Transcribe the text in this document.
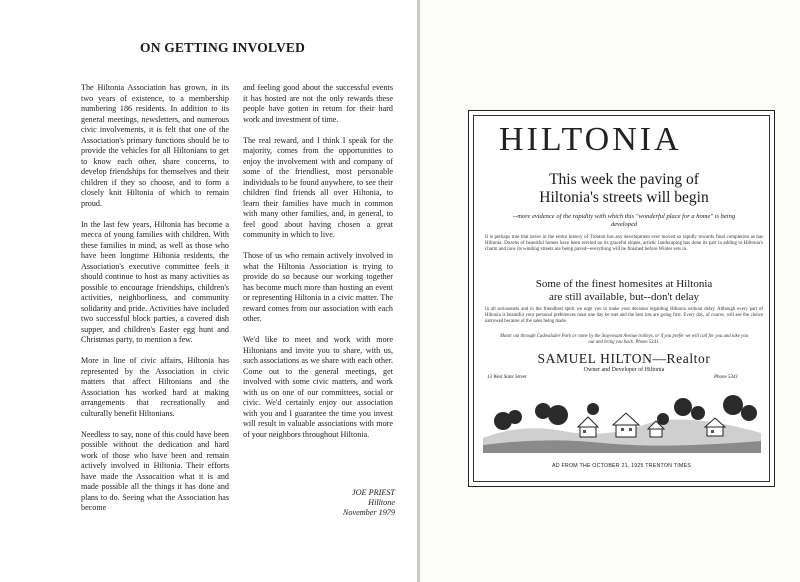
ON GETTING INVOLVED

The Hiltonia Association has grown, in its two years of existence, to a membership numbering 186 residents. In addition to its general meetings, newsletters, and numerous civic involvements, it is felt that one of the Association's primary functions should be to provide the vehicles for all Hiltonians to get to know each other, share concerns, to develop friendships for themselves and their children if they so choose, and to form a closely knit Hiltonia of which to remain proud.

In the last few years, Hiltonia has become a mecca of young families with children. With these families in mind, as well as those who have been longtime Hiltonia residents, the Association's executive committee feels it should continue to host as many activities as possible to encourage friendships, children's activities, neighborliness, and community solidarity and pride. Activities have included two successful block parties, a covered dish supper, and children's Easter egg hunt and Christmas party, to mention a few.

More in line of civic affairs, Hiltonia has represented by the Association in civic matters that affect Hiltonians and the Association has worked hard at making arrangements that recreationally and culturally benefit Hiltonians.

Needless to say, none of this could have been possible without the dedication and hard work of those who have been and remain actively involved in Hiltonia. Their efforts have made the Assocaition what it is and made possible all the things it has done and plans to do. Seeing what the Association has become

and feeling good about the successful events it has hosted are not the only rewards these people have gotten in return for their hard work and investment of time.

The real reward, and I think I speak for the majority, comes from the opportunities to enjoy the involvement with and company of some of the friendliest, most personable individuals to be found anywhere, to see their children find friends all over Hiltonia, to learn their families have much in common with many other families, and, in general, to feel good about having chosen a great community in which to live.

Those of us who remain actively involved in what the Hiltonia Association is trying to provide do so because our working together has become much more than hosting an event or representing Hiltonia in a civic matter. The reward comes from our association with each other.

We'd like to meet and work with more Hiltonians and invite you to share, with us, such associations as we share with each other. Come out to the general meetings, get involved with some civic matters, and work with us on one of our committees, social or civic. We'd certainly enjoy our association with you and I guarantee the time you invest will result in valuable associations with more of your neighbors throughout Hiltonia.

JOE PRIEST
Hilltone
November 1979
HILTONIA
This week the paving of
Hiltonia's streets will begin
--more evidence of the rapidity with which this "wonderful place for a home" is being developed
It is perhaps true that never in the entire history of Trenton has any development ever moved so rapidly towards final completion as has Hiltonia. Dozens of beautiful homes have been erected on its graceful slopes, artistic landscaping has done its part in adding to Hiltonia's charm and now its winding streets are being paved--everything will be finished before Winter sets in.
Some of the finest homesites at Hiltonia
are still available, but--don't delay
In all seriousness and in the friendliest spirit we urge you to make your decision regarding Hiltonia without delay. Although every part of Hiltonia is beautiful your personal preferences must one day be met and the best lots are going first. Every day, of course, will see the choice narrowed because of the sales being made.
Motor out through Cadwalader Park or come by the Stuyvesant Avenue trolleys, or if you prefer we will call for you and take you out and bring you back. Phone 5341.
SAMUEL HILTON—Realtor
Owner and Developer of Hiltonia
13 West State Street	Phone 5341
AD FROM THE OCTOBER 21, 1925 TRENTON TIMES
